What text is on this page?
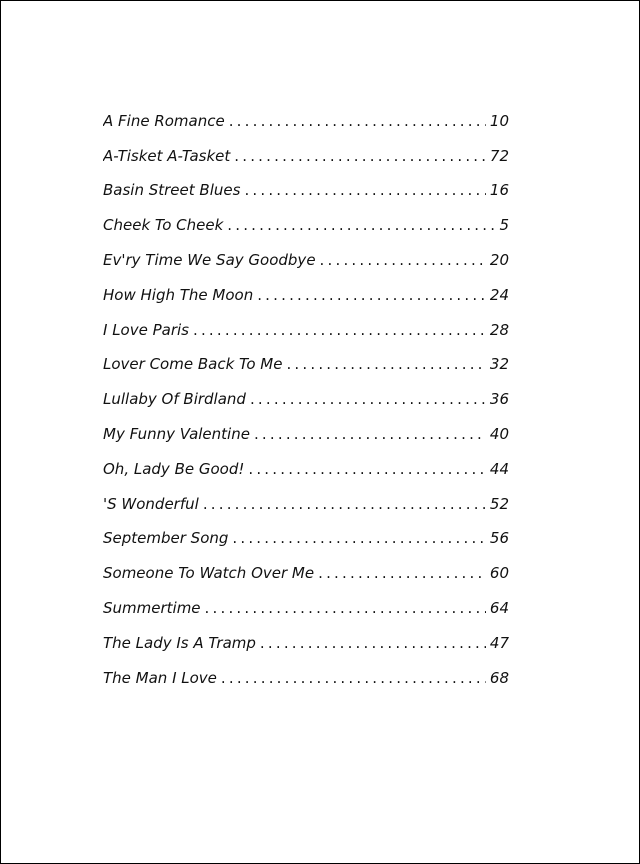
A Fine Romance .....	10
A-Tisket A-Tasket .....	72
Basin Street Blues .....	16
Cheek To Cheek .....	5
Ev'ry Time We Say Goodbye .....	20
How High The Moon .....	24
I Love Paris .....	28
Lover Come Back To Me .....	32
Lullaby Of Birdland .....	36
My Funny Valentine .....	40
Oh, Lady Be Good! .....	44
'S Wonderful .....	52
September Song .....	56
Someone To Watch Over Me .....	60
Summertime .....	64
The Lady Is A Tramp .....	47
The Man I Love .....	68
